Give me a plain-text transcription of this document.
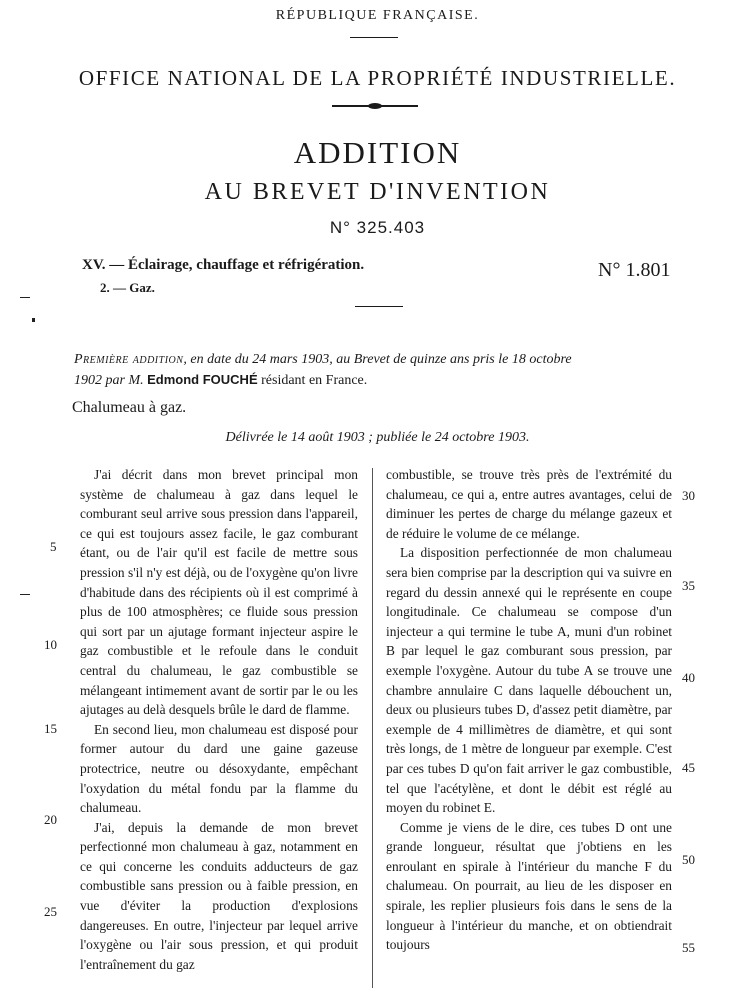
RÉPUBLIQUE FRANÇAISE.
OFFICE NATIONAL DE LA PROPRIÉTÉ INDUSTRIELLE.
ADDITION
AU BREVET D'INVENTION
N° 325.403
XV. — Éclairage, chauffage et réfrigération.
2. — Gaz.
N° 1.801
Première addition, en date du 24 mars 1903, au Brevet de quinze ans pris le 18 octobre
1902 par M. Edmond FOUCHÉ résidant en France.
Chalumeau à gaz.
Délivrée le 14 août 1903 ; publiée le 24 octobre 1903.

J'ai décrit dans mon brevet principal mon système de chalumeau à gaz dans lequel le comburant seul arrive sous pression dans l'appareil, ce qui est toujours assez facile, le gaz comburant étant, ou de l'air qu'il est facile de mettre sous pression s'il n'y est déjà, ou de l'oxygène qu'on livre d'habitude dans des récipients où il est comprimé à plus de 100 atmosphères; ce fluide sous pression qui sort par un ajutage formant injecteur aspire le gaz combustible et le refoule dans le conduit central du chalumeau, le gaz combustible se mélangeant intimement avant de sortir par le ou les ajutages au delà desquels brûle le dard de flamme.

En second lieu, mon chalumeau est disposé pour former autour du dard une gaine gazeuse protectrice, neutre ou désoxydante, empêchant l'oxydation du métal fondu par la flamme du chalumeau.

J'ai, depuis la demande de mon brevet perfectionné mon chalumeau à gaz, notamment en ce qui concerne les conduits adducteurs de gaz combustible sans pression ou à faible pression, en vue d'éviter la production d'explosions dangereuses. En outre, l'injecteur par lequel arrive l'oxygène ou l'air sous pression, et qui produit l'entraînement du gaz

combustible, se trouve très près de l'extrémité du chalumeau, ce qui a, entre autres avantages, celui de diminuer les pertes de charge du mélange gazeux et de réduire le volume de ce mélange.

La disposition perfectionnée de mon chalumeau sera bien comprise par la description qui va suivre en regard du dessin annexé qui le représente en coupe longitudinale. Ce chalumeau se compose d'un injecteur a qui termine le tube A, muni d'un robinet B par lequel le gaz comburant sous pression, par exemple l'oxygène. Autour du tube A se trouve une chambre annulaire C dans laquelle débouchent un, deux ou plusieurs tubes D, d'assez petit diamètre, par exemple de 4 millimètres de diamètre, et qui sont très longs, de 1 mètre de longueur par exemple. C'est par ces tubes D qu'on fait arriver le gaz combustible, tel que l'acétylène, et dont le débit est réglé au moyen du robinet E.

Comme je viens de le dire, ces tubes D ont une grande longueur, résultat que j'obtiens en les enroulant en spirale à l'intérieur du manche F du chalumeau. On pourrait, au lieu de les disposer en spirale, les replier plusieurs fois dans le sens de la longueur à l'intérieur du manche, et on obtiendrait toujours

5
10
15
20
25
30
35
40
45
50
55
